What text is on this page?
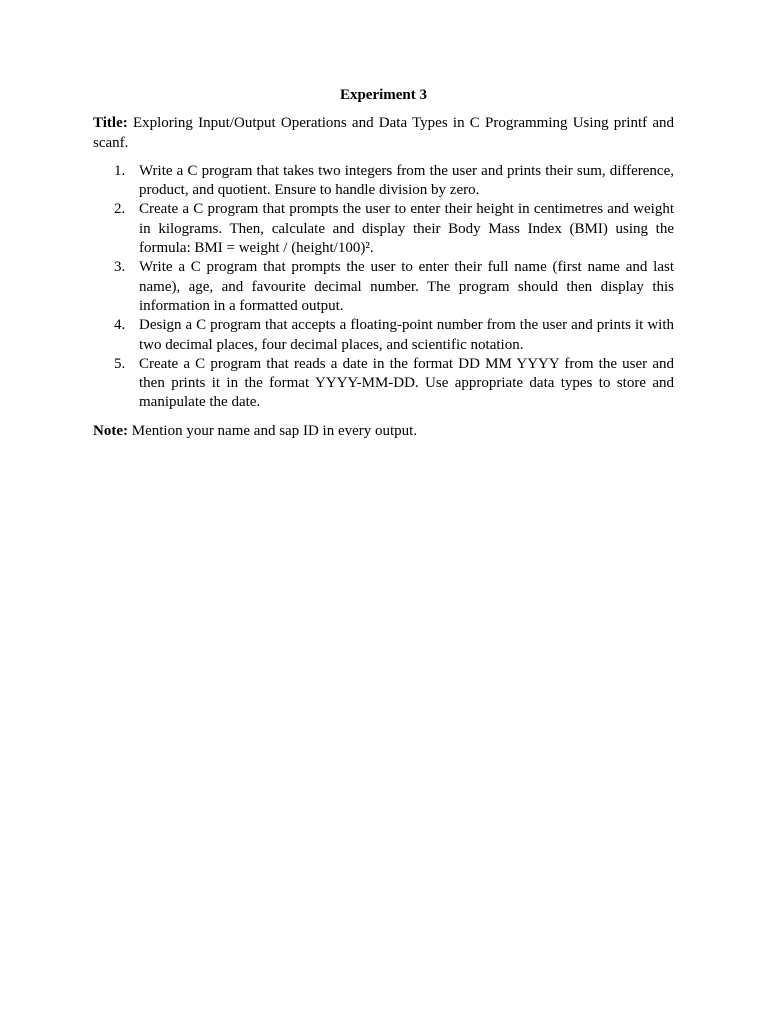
Experiment 3
Title: Exploring Input/Output Operations and Data Types in C Programming Using printf and scanf.
1. Write a C program that takes two integers from the user and prints their sum, difference, product, and quotient. Ensure to handle division by zero.
2. Create a C program that prompts the user to enter their height in centimetres and weight in kilograms. Then, calculate and display their Body Mass Index (BMI) using the formula: BMI = weight / (height/100)².
3. Write a C program that prompts the user to enter their full name (first name and last name), age, and favourite decimal number. The program should then display this information in a formatted output.
4. Design a C program that accepts a floating-point number from the user and prints it with two decimal places, four decimal places, and scientific notation.
5. Create a C program that reads a date in the format DD MM YYYY from the user and then prints it in the format YYYY-MM-DD. Use appropriate data types to store and manipulate the date.
Note: Mention your name and sap ID in every output.
